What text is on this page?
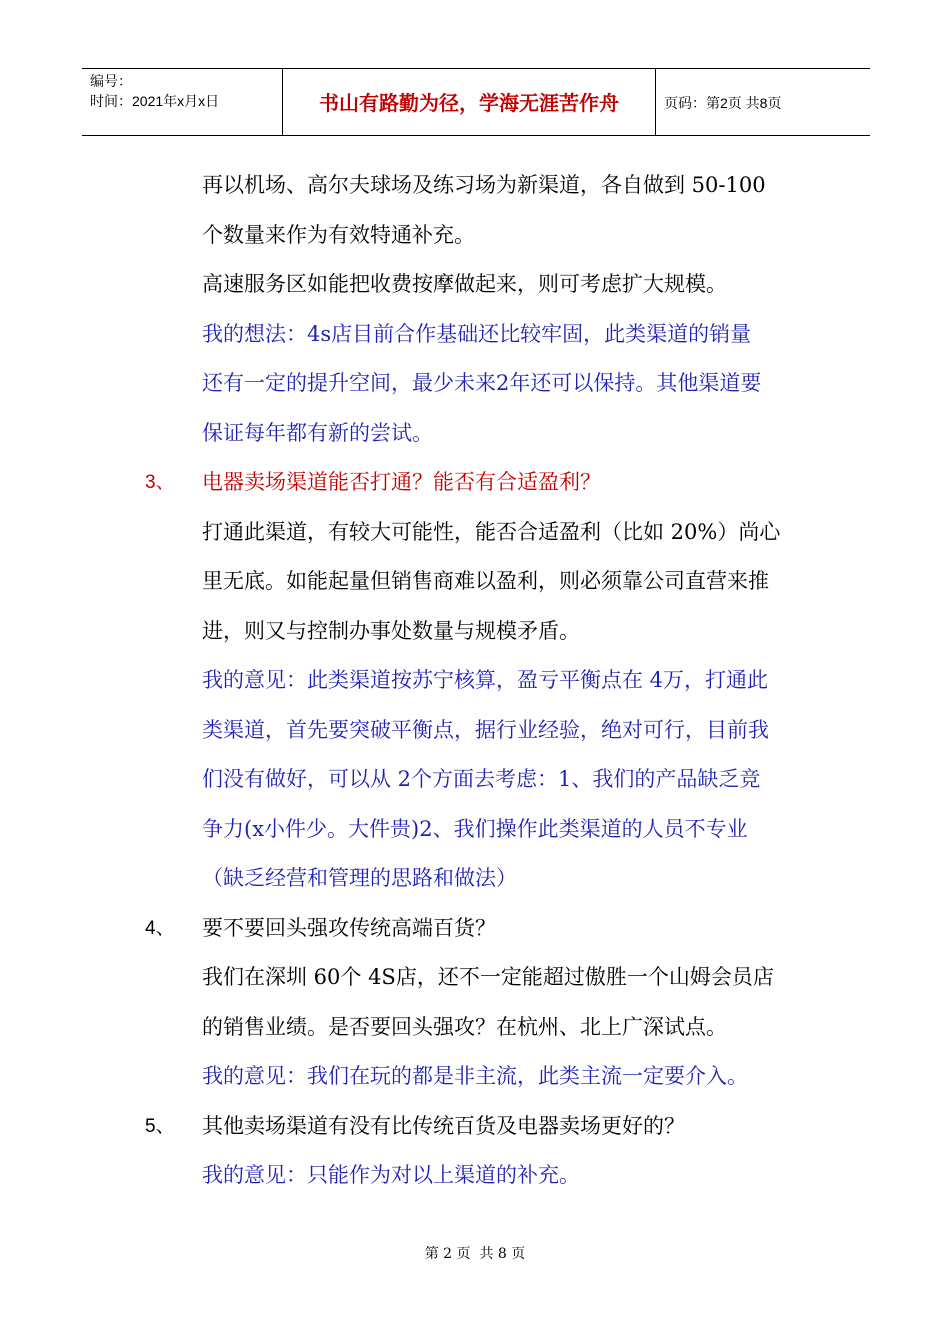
编号：
时间：2021年x月x日	书山有路勤为径，学海无涯苦作舟	页码：第2页 共8页
再以机场、高尔夫球场及练习场为新渠道，各自做到 50-100
个数量来作为有效特通补充。
高速服务区如能把收费按摩做起来，则可考虑扩大规模。
我的想法：4s店目前合作基础还比较牢固，此类渠道的销量
还有一定的提升空间，最少未来2年还可以保持。其他渠道要
保证每年都有新的尝试。
3、 电器卖场渠道能否打通？能否有合适盈利？
打通此渠道，有较大可能性，能否合适盈利（比如 20%）尚心
里无底。如能起量但销售商难以盈利，则必须靠公司直营来推
进，则又与控制办事处数量与规模矛盾。
我的意见：此类渠道按苏宁核算，盈亏平衡点在 4万，打通此
类渠道，首先要突破平衡点，据行业经验，绝对可行，目前我
们没有做好，可以从 2个方面去考虑：1、我们的产品缺乏竞
争力(x小件少。大件贵)2、我们操作此类渠道的人员不专业
（缺乏经营和管理的思路和做法）
4、 要不要回头强攻传统高端百货？
我们在深圳 60个 4S店，还不一定能超过傲胜一个山姆会员店
的销售业绩。是否要回头强攻？在杭州、北上广深试点。
我的意见：我们在玩的都是非主流，此类主流一定要介入。
5、 其他卖场渠道有没有比传统百货及电器卖场更好的？
我的意见：只能作为对以上渠道的补充。
第 2 页  共 8 页
